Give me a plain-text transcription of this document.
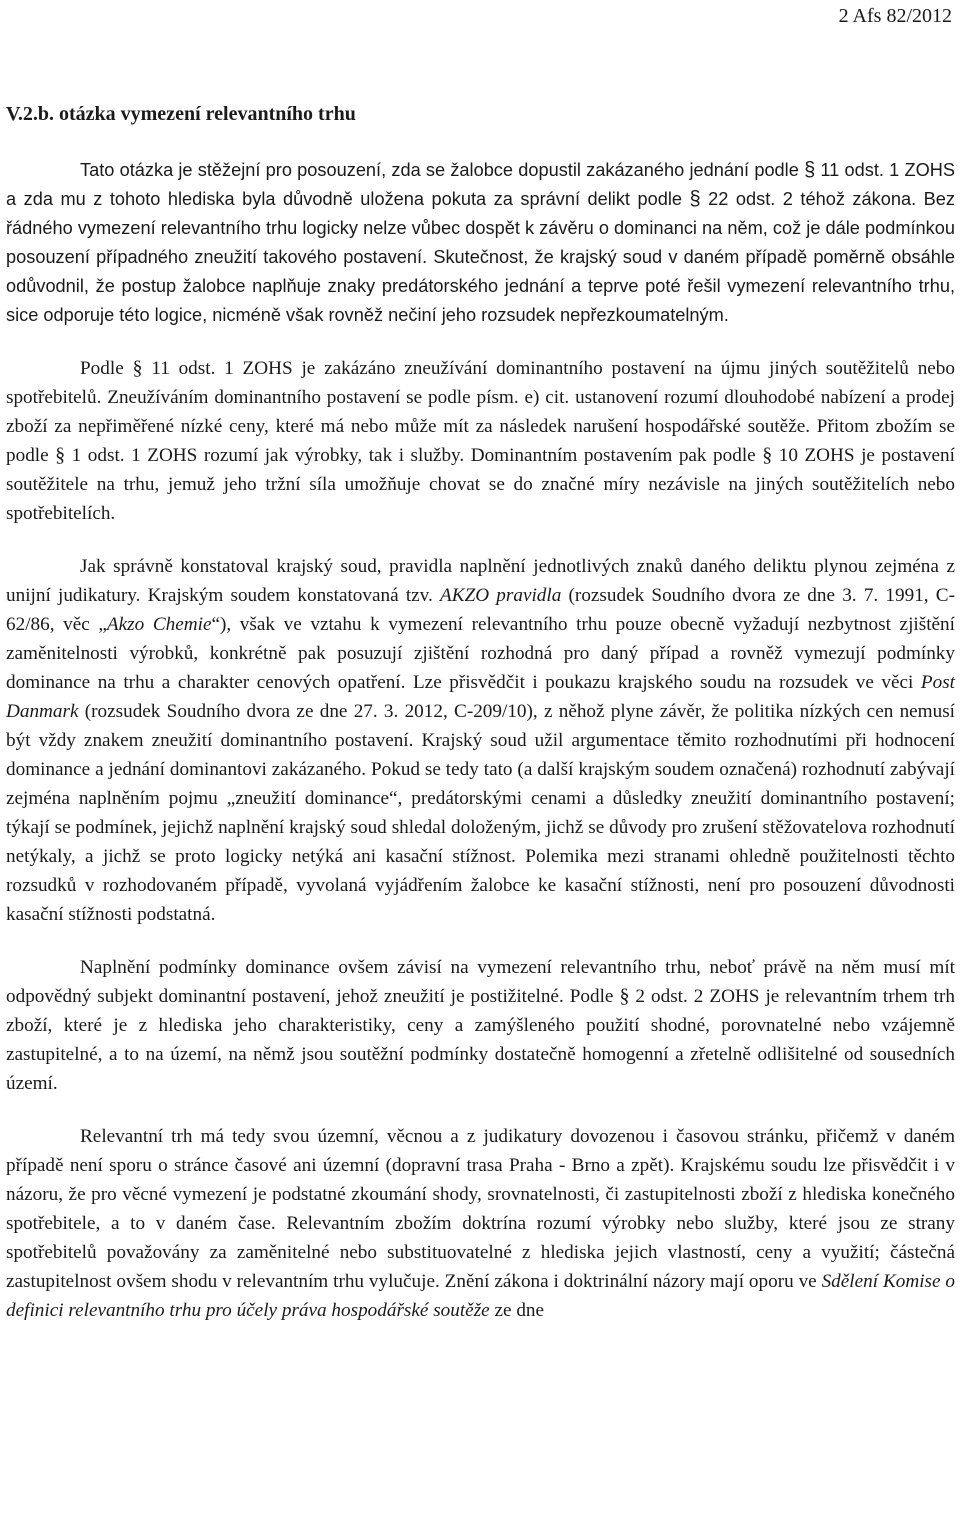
2 Afs 82/2012
V.2.b. otázka vymezení relevantního trhu

Tato otázka je stěžejní pro posouzení, zda se žalobce dopustil zakázaného jednání podle § 11 odst. 1 ZOHS a zda mu z tohoto hlediska byla důvodně uložena pokuta za správní delikt podle § 22 odst. 2 téhož zákona. Bez řádného vymezení relevantního trhu logicky nelze vůbec dospět k závěru o dominanci na něm, což je dále podmínkou posouzení případného zneužití takového postavení. Skutečnost, že krajský soud v daném případě poměrně obsáhle odůvodnil, že postup žalobce naplňuje znaky predátorského jednání a teprve poté řešil vymezení relevantního trhu, sice odporuje této logice, nicméně však rovněž nečiní jeho rozsudek nepřezkoumatelným.

Podle § 11 odst. 1 ZOHS je zakázáno zneužívání dominantního postavení na újmu jiných soutěžitelů nebo spotřebitelů. Zneužíváním dominantního postavení se podle písm. e) cit. ustanovení rozumí dlouhodobé nabízení a prodej zboží za nepřiměřené nízké ceny, které má nebo může mít za následek narušení hospodářské soutěže. Přitom zbožím se podle § 1 odst. 1 ZOHS rozumí jak výrobky, tak i služby. Dominantním postavením pak podle § 10 ZOHS je postavení soutěžitele na trhu, jemuž jeho tržní síla umožňuje chovat se do značné míry nezávisle na jiných soutěžitelích nebo spotřebitelích.

Jak správně konstatoval krajský soud, pravidla naplnění jednotlivých znaků daného deliktu plynou zejména z unijní judikatury. Krajským soudem konstatovaná tzv. AKZO pravidla (rozsudek Soudního dvora ze dne 3. 7. 1991, C-62/86, věc „Akzo Chemie“), však ve vztahu k vymezení relevantního trhu pouze obecně vyžadují nezbytnost zjištění zaměnitelnosti výrobků, konkrétně pak posuzují zjištění rozhodná pro daný případ a rovněž vymezují podmínky dominance na trhu a charakter cenových opatření. Lze přisvědčit i poukazu krajského soudu na rozsudek ve věci Post Danmark (rozsudek Soudního dvora ze dne 27. 3. 2012, C-209/10), z něhož plyne závěr, že politika nízkých cen nemusí být vždy znakem zneužití dominantního postavení. Krajský soud užil argumentace těmito rozhodnutími při hodnocení dominance a jednání dominantovi zakázaného. Pokud se tedy tato (a další krajským soudem označená) rozhodnutí zabývají zejména naplněním pojmu „zneužití dominance“, predátorskými cenami a důsledky zneužití dominantního postavení; týkají se podmínek, jejichž naplnění krajský soud shledal doloženým, jichž se důvody pro zrušení stěžovatelova rozhodnutí netýkaly, a jichž se proto logicky netýká ani kasační stížnost. Polemika mezi stranami ohledně použitelnosti těchto rozsudků v rozhodovaném případě, vyvolaná vyjádřením žalobce ke kasační stížnosti, není pro posouzení důvodnosti kasační stížnosti podstatná.

Naplnění podmínky dominance ovšem závisí na vymezení relevantního trhu, neboť právě na něm musí mít odpovědný subjekt dominantní postavení, jehož zneužití je postižitelné. Podle § 2 odst. 2 ZOHS je relevantním trhem trh zboží, které je z hlediska jeho charakteristiky, ceny a zamýšleného použití shodné, porovnatelné nebo vzájemně zastupitelné, a to na území, na němž jsou soutěžní podmínky dostatečně homogenní a zřetelně odlišitelné od sousedních území.

Relevantní trh má tedy svou územní, věcnou a z judikatury dovozenou i časovou stránku, přičemž v daném případě není sporu o stránce časové ani územní (dopravní trasa Praha - Brno a zpět). Krajskému soudu lze přisvědčit i v názoru, že pro věcné vymezení je podstatné zkoumání shody, srovnatelnosti, či zastupitelnosti zboží z hlediska konečného spotřebitele, a to v daném čase. Relevantním zbožím doktrína rozumí výrobky nebo služby, které jsou ze strany spotřebitelů považovány za zaměnitelné nebo substituovatelné z hlediska jejich vlastností, ceny a využití; částečná zastupitelnost ovšem shodu v relevantním trhu vylučuje. Znění zákona i doktrinální názory mají oporu ve Sdělení Komise o definici relevantního trhu pro účely práva hospodářské soutěže ze dne
